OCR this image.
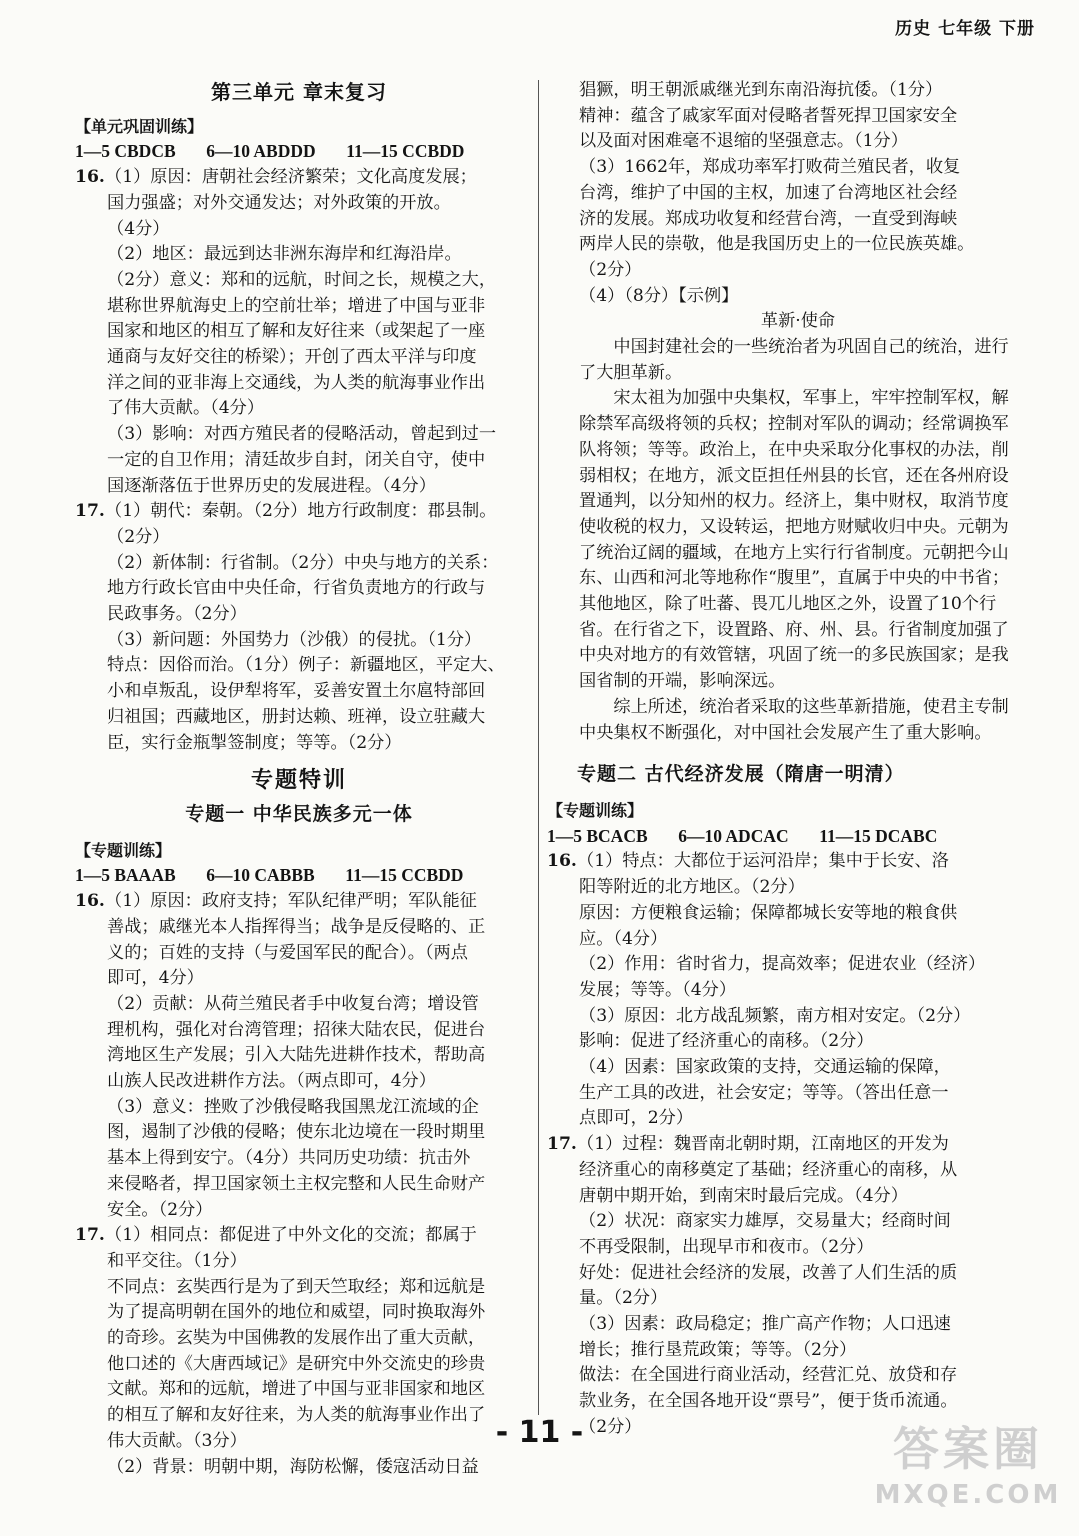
历史 七年级 下册
第三单元 章末复习
【单元巩固训练】
1—5 CBDCB       6—10 ABDDD       11—15 CCBDD
16.（1）原因：唐朝社会经济繁荣；文化高度发展；
国力强盛；对外交通发达；对外政策的开放。
（4分）
（2）地区：最远到达非洲东海岸和红海沿岸。
（2分）意义：郑和的远航，时间之长，规模之大，
堪称世界航海史上的空前壮举；增进了中国与亚非
国家和地区的相互了解和友好往来（或架起了一座
通商与友好交往的桥梁）；开创了西太平洋与印度
洋之间的亚非海上交通线，为人类的航海事业作出
了伟大贡献。（4分）
（3）影响：对西方殖民者的侵略活动，曾起到过一
一定的自卫作用；清廷故步自封，闭关自守，使中
国逐渐落伍于世界历史的发展进程。（4分）
17.（1）朝代：秦朝。（2分）地方行政制度：郡县制。
（2分）
（2）新体制：行省制。（2分）中央与地方的关系：
地方行政长官由中央任命，行省负责地方的行政与
民政事务。（2分）
（3）新问题：外国势力（沙俄）的侵扰。（1分）
特点：因俗而治。（1分）例子：新疆地区，平定大、
小和卓叛乱，设伊犁将军，妥善安置土尔扈特部回
归祖国；西藏地区，册封达赖、班禅，设立驻藏大
臣，实行金瓶掣签制度；等等。（2分）
专题特训
专题一 中华民族多元一体
【专题训练】
1—5 BAAAB       6—10 CABBB       11—15 CCBDD
16.（1）原因：政府支持；军队纪律严明；军队能征
善战；戚继光本人指挥得当；战争是反侵略的、正
义的；百姓的支持（与爱国军民的配合）。（两点
即可，4分）
（2）贡献：从荷兰殖民者手中收复台湾；增设管
理机构，强化对台湾管理；招徕大陆农民，促进台
湾地区生产发展；引入大陆先进耕作技术，帮助高
山族人民改进耕作方法。（两点即可，4分）
（3）意义：挫败了沙俄侵略我国黑龙江流域的企
图，遏制了沙俄的侵略；使东北边境在一段时期里
基本上得到安宁。（4分）共同历史功绩：抗击外
来侵略者，捍卫国家领土主权完整和人民生命财产
安全。（2分）
17.（1）相同点：都促进了中外文化的交流；都属于
和平交往。（1分）
不同点：玄奘西行是为了到天竺取经；郑和远航是
为了提高明朝在国外的地位和威望，同时换取海外
的奇珍。玄奘为中国佛教的发展作出了重大贡献，
他口述的《大唐西域记》是研究中外交流史的珍贵
文献。郑和的远航，增进了中国与亚非国家和地区
的相互了解和友好往来，为人类的航海事业作出了
伟大贡献。（3分）
（2）背景：明朝中期，海防松懈，倭寇活动日益
猖獗，明王朝派戚继光到东南沿海抗倭。（1分）
精神：蕴含了戚家军面对侵略者誓死捍卫国家安全
以及面对困难毫不退缩的坚强意志。（1分）
（3）1662年，郑成功率军打败荷兰殖民者，收复
台湾，维护了中国的主权，加速了台湾地区社会经
济的发展。郑成功收复和经营台湾，一直受到海峡
两岸人民的崇敬，他是我国历史上的一位民族英雄。
（2分）
（4）（8分）【示例】
革新·使命

中国封建社会的一些统治者为巩固自己的统治，进行了大胆革新。

宋太祖为加强中央集权，军事上，牢牢控制军权，解除禁军高级将领的兵权；控制对军队的调动；经常调换军队将领；等等。政治上，在中央采取分化事权的办法，削弱相权；在地方，派文臣担任州县的长官，还在各州府设置通判，以分知州的权力。经济上，集中财权，取消节度使收税的权力，又设转运，把地方财赋收归中央。元朝为了统治辽阔的疆域，在地方上实行行省制度。元朝把今山东、山西和河北等地称作“腹里”，直属于中央的中书省；其他地区，除了吐蕃、畏兀儿地区之外，设置了10个行省。在行省之下，设置路、府、州、县。行省制度加强了中央对地方的有效管辖，巩固了统一的多民族国家；是我国省制的开端，影响深远。

综上所述，统治者采取的这些革新措施，使君主专制中央集权不断强化，对中国社会发展产生了重大影响。

专题二 古代经济发展（隋唐一明清）
【专题训练】
1—5 BCACB       6—10 ADCAC       11—15 DCABC
16.（1）特点：大都位于运河沿岸；集中于长安、洛
阳等附近的北方地区。（2分）
原因：方便粮食运输；保障都城长安等地的粮食供
应。（4分）
（2）作用：省时省力，提高效率；促进农业（经济）
发展；等等。（4分）
（3）原因：北方战乱频繁，南方相对安定。（2分）
影响：促进了经济重心的南移。（2分）
（4）因素：国家政策的支持，交通运输的保障，
生产工具的改进，社会安定；等等。（答出任意一
点即可，2分）
17.（1）过程：魏晋南北朝时期，江南地区的开发为
经济重心的南移奠定了基础；经济重心的南移，从
唐朝中期开始，到南宋时最后完成。（4分）
（2）状况：商家实力雄厚，交易量大；经商时间
不再受限制，出现早市和夜市。（2分）
好处：促进社会经济的发展，改善了人们生活的质
量。（2分）
（3）因素：政局稳定；推广高产作物；人口迅速
增长；推行垦荒政策；等等。（2分）
做法：在全国进行商业活动，经营汇兑、放贷和存
款业务，在全国各地开设“票号”，便于货币流通。
（2分）
- 11 -	答案圈
MXQE.COM
